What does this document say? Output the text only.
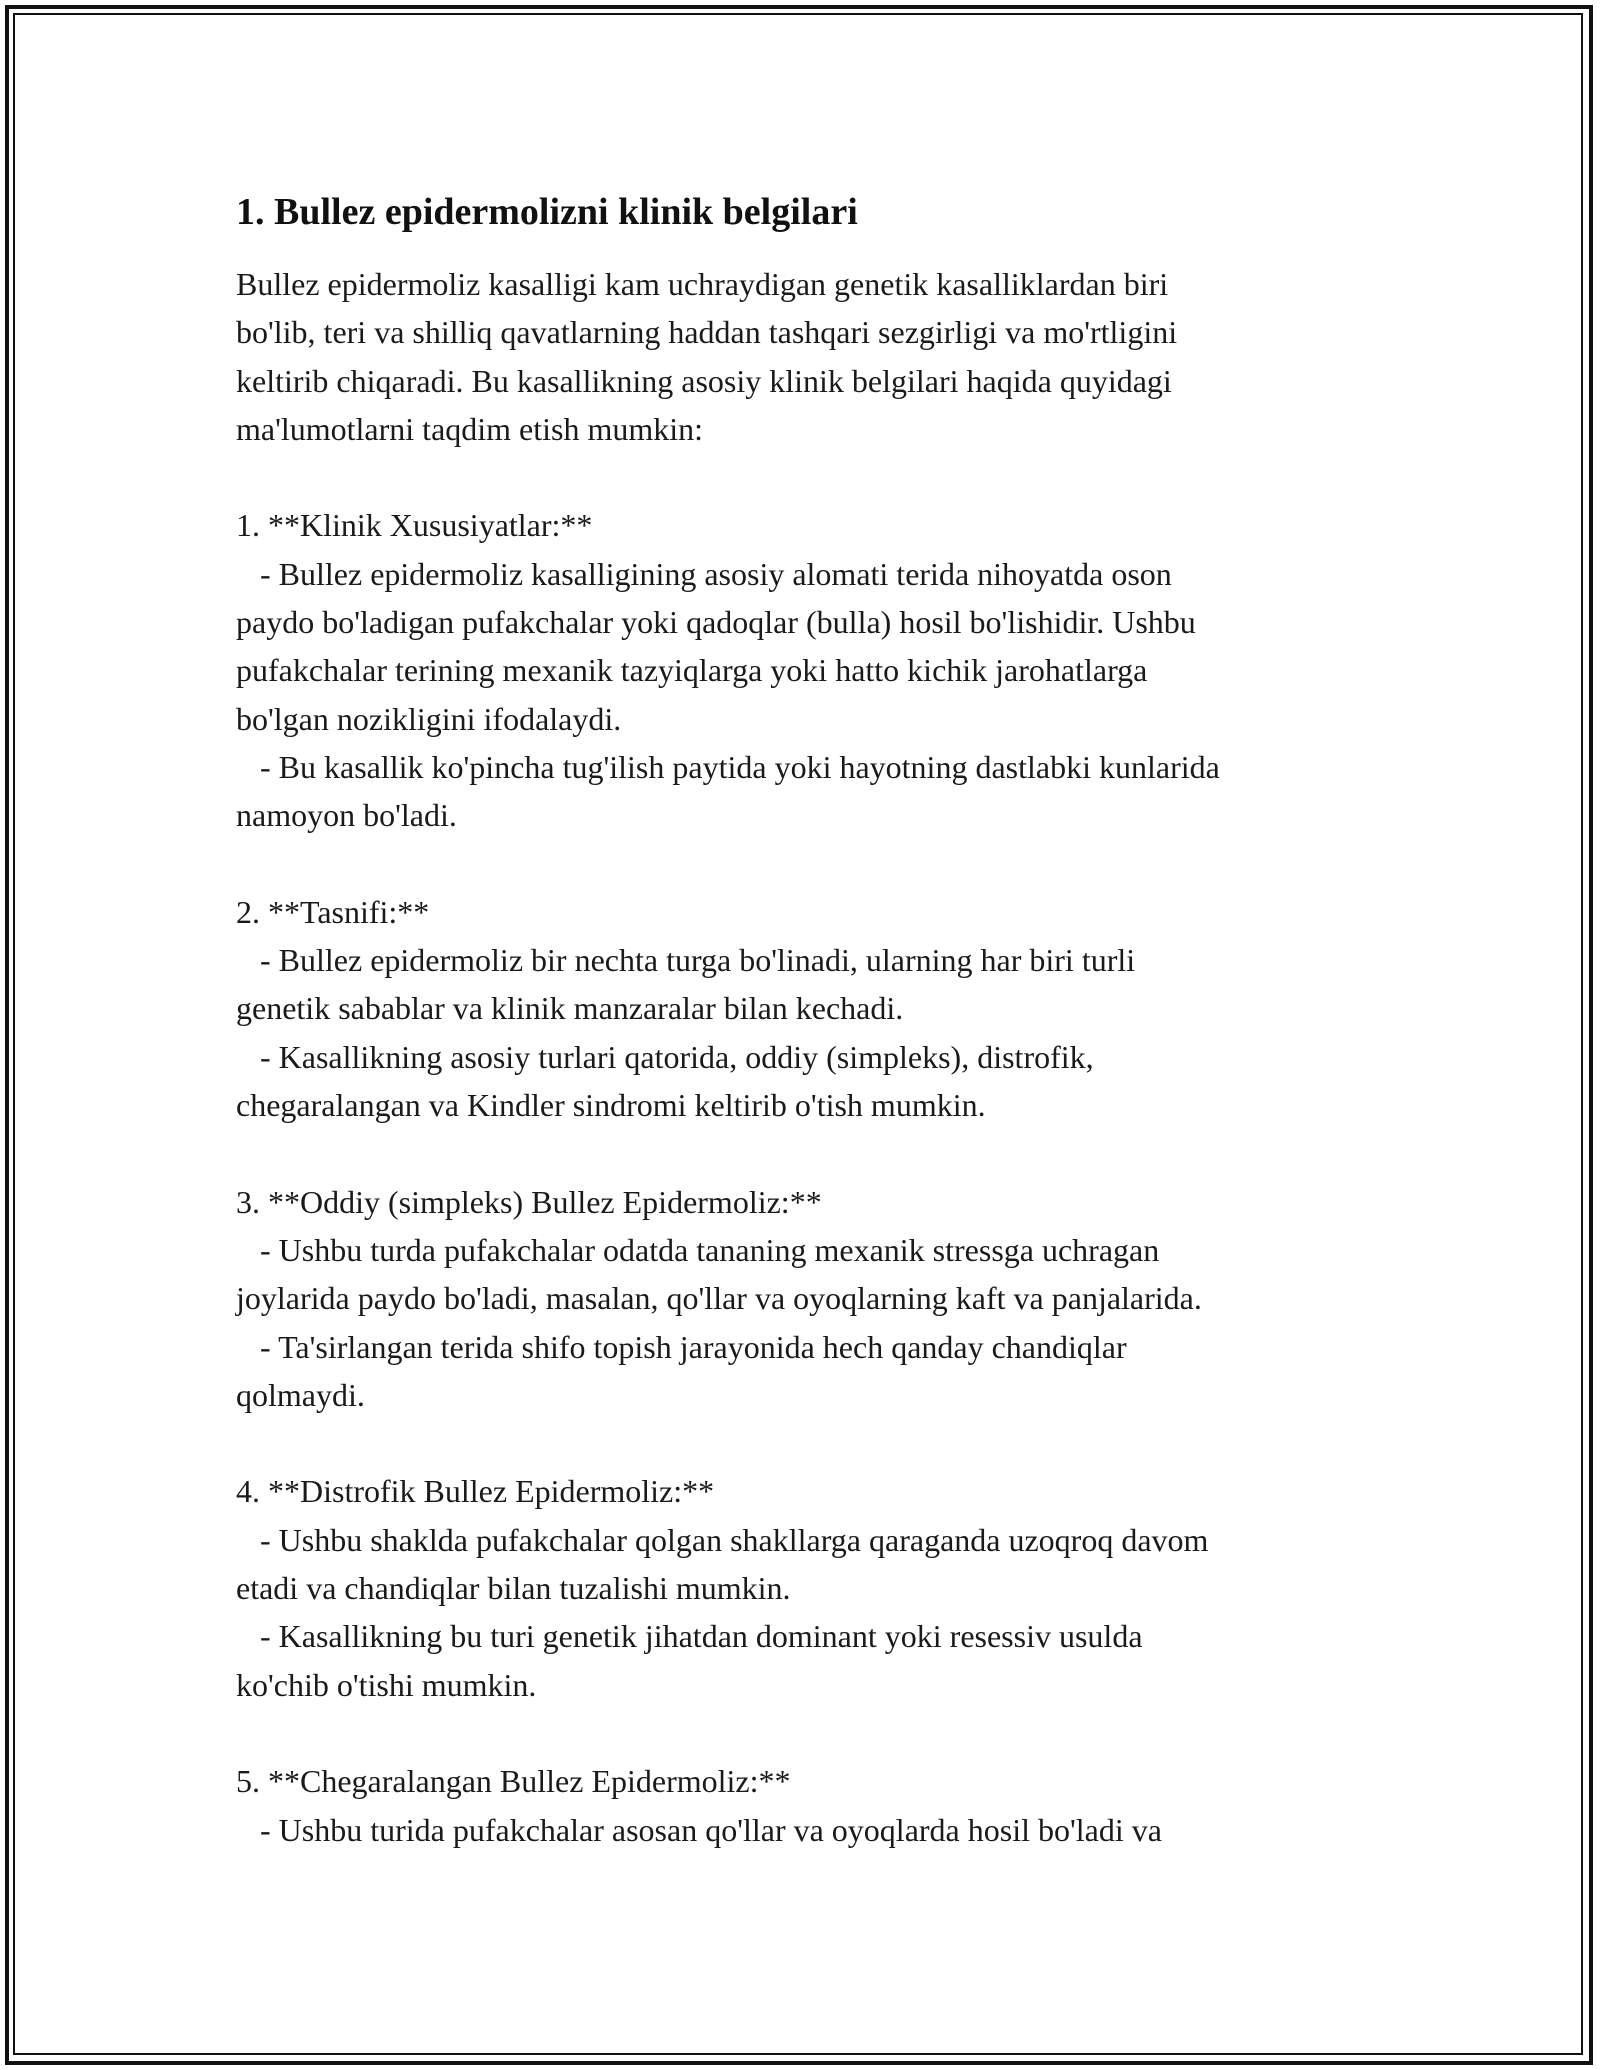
1. Bullez epidermolizni klinik belgilari

Bullez epidermoliz kasalligi kam uchraydigan genetik kasalliklardan biri

bo'lib, teri va shilliq qavatlarning haddan tashqari sezgirligi va mo'rtligini

keltirib chiqaradi. Bu kasallikning asosiy klinik belgilari haqida quyidagi

ma'lumotlarni taqdim etish mumkin:

1. **Klinik Xususiyatlar:**

- Bullez epidermoliz kasalligining asosiy alomati terida nihoyatda oson

paydo bo'ladigan pufakchalar yoki qadoqlar (bulla) hosil bo'lishidir. Ushbu

pufakchalar terining mexanik tazyiqlarga yoki hatto kichik jarohatlarga

bo'lgan nozikligini ifodalaydi.

- Bu kasallik ko'pincha tug'ilish paytida yoki hayotning dastlabki kunlarida

namoyon bo'ladi.

2. **Tasnifi:**

- Bullez epidermoliz bir nechta turga bo'linadi, ularning har biri turli

genetik sabablar va klinik manzaralar bilan kechadi.

- Kasallikning asosiy turlari qatorida, oddiy (simpleks), distrofik,

chegaralangan va Kindler sindromi keltirib o'tish mumkin.

3. **Oddiy (simpleks) Bullez Epidermoliz:**

- Ushbu turda pufakchalar odatda tananing mexanik stressga uchragan

joylarida paydo bo'ladi, masalan, qo'llar va oyoqlarning kaft va panjalarida.

- Ta'sirlangan terida shifo topish jarayonida hech qanday chandiqlar

qolmaydi.

4. **Distrofik Bullez Epidermoliz:**

- Ushbu shaklda pufakchalar qolgan shakllarga qaraganda uzoqroq davom

etadi va chandiqlar bilan tuzalishi mumkin.

- Kasallikning bu turi genetik jihatdan dominant yoki resessiv usulda

ko'chib o'tishi mumkin.

5. **Chegaralangan Bullez Epidermoliz:**

- Ushbu turida pufakchalar asosan qo'llar va oyoqlarda hosil bo'ladi va
